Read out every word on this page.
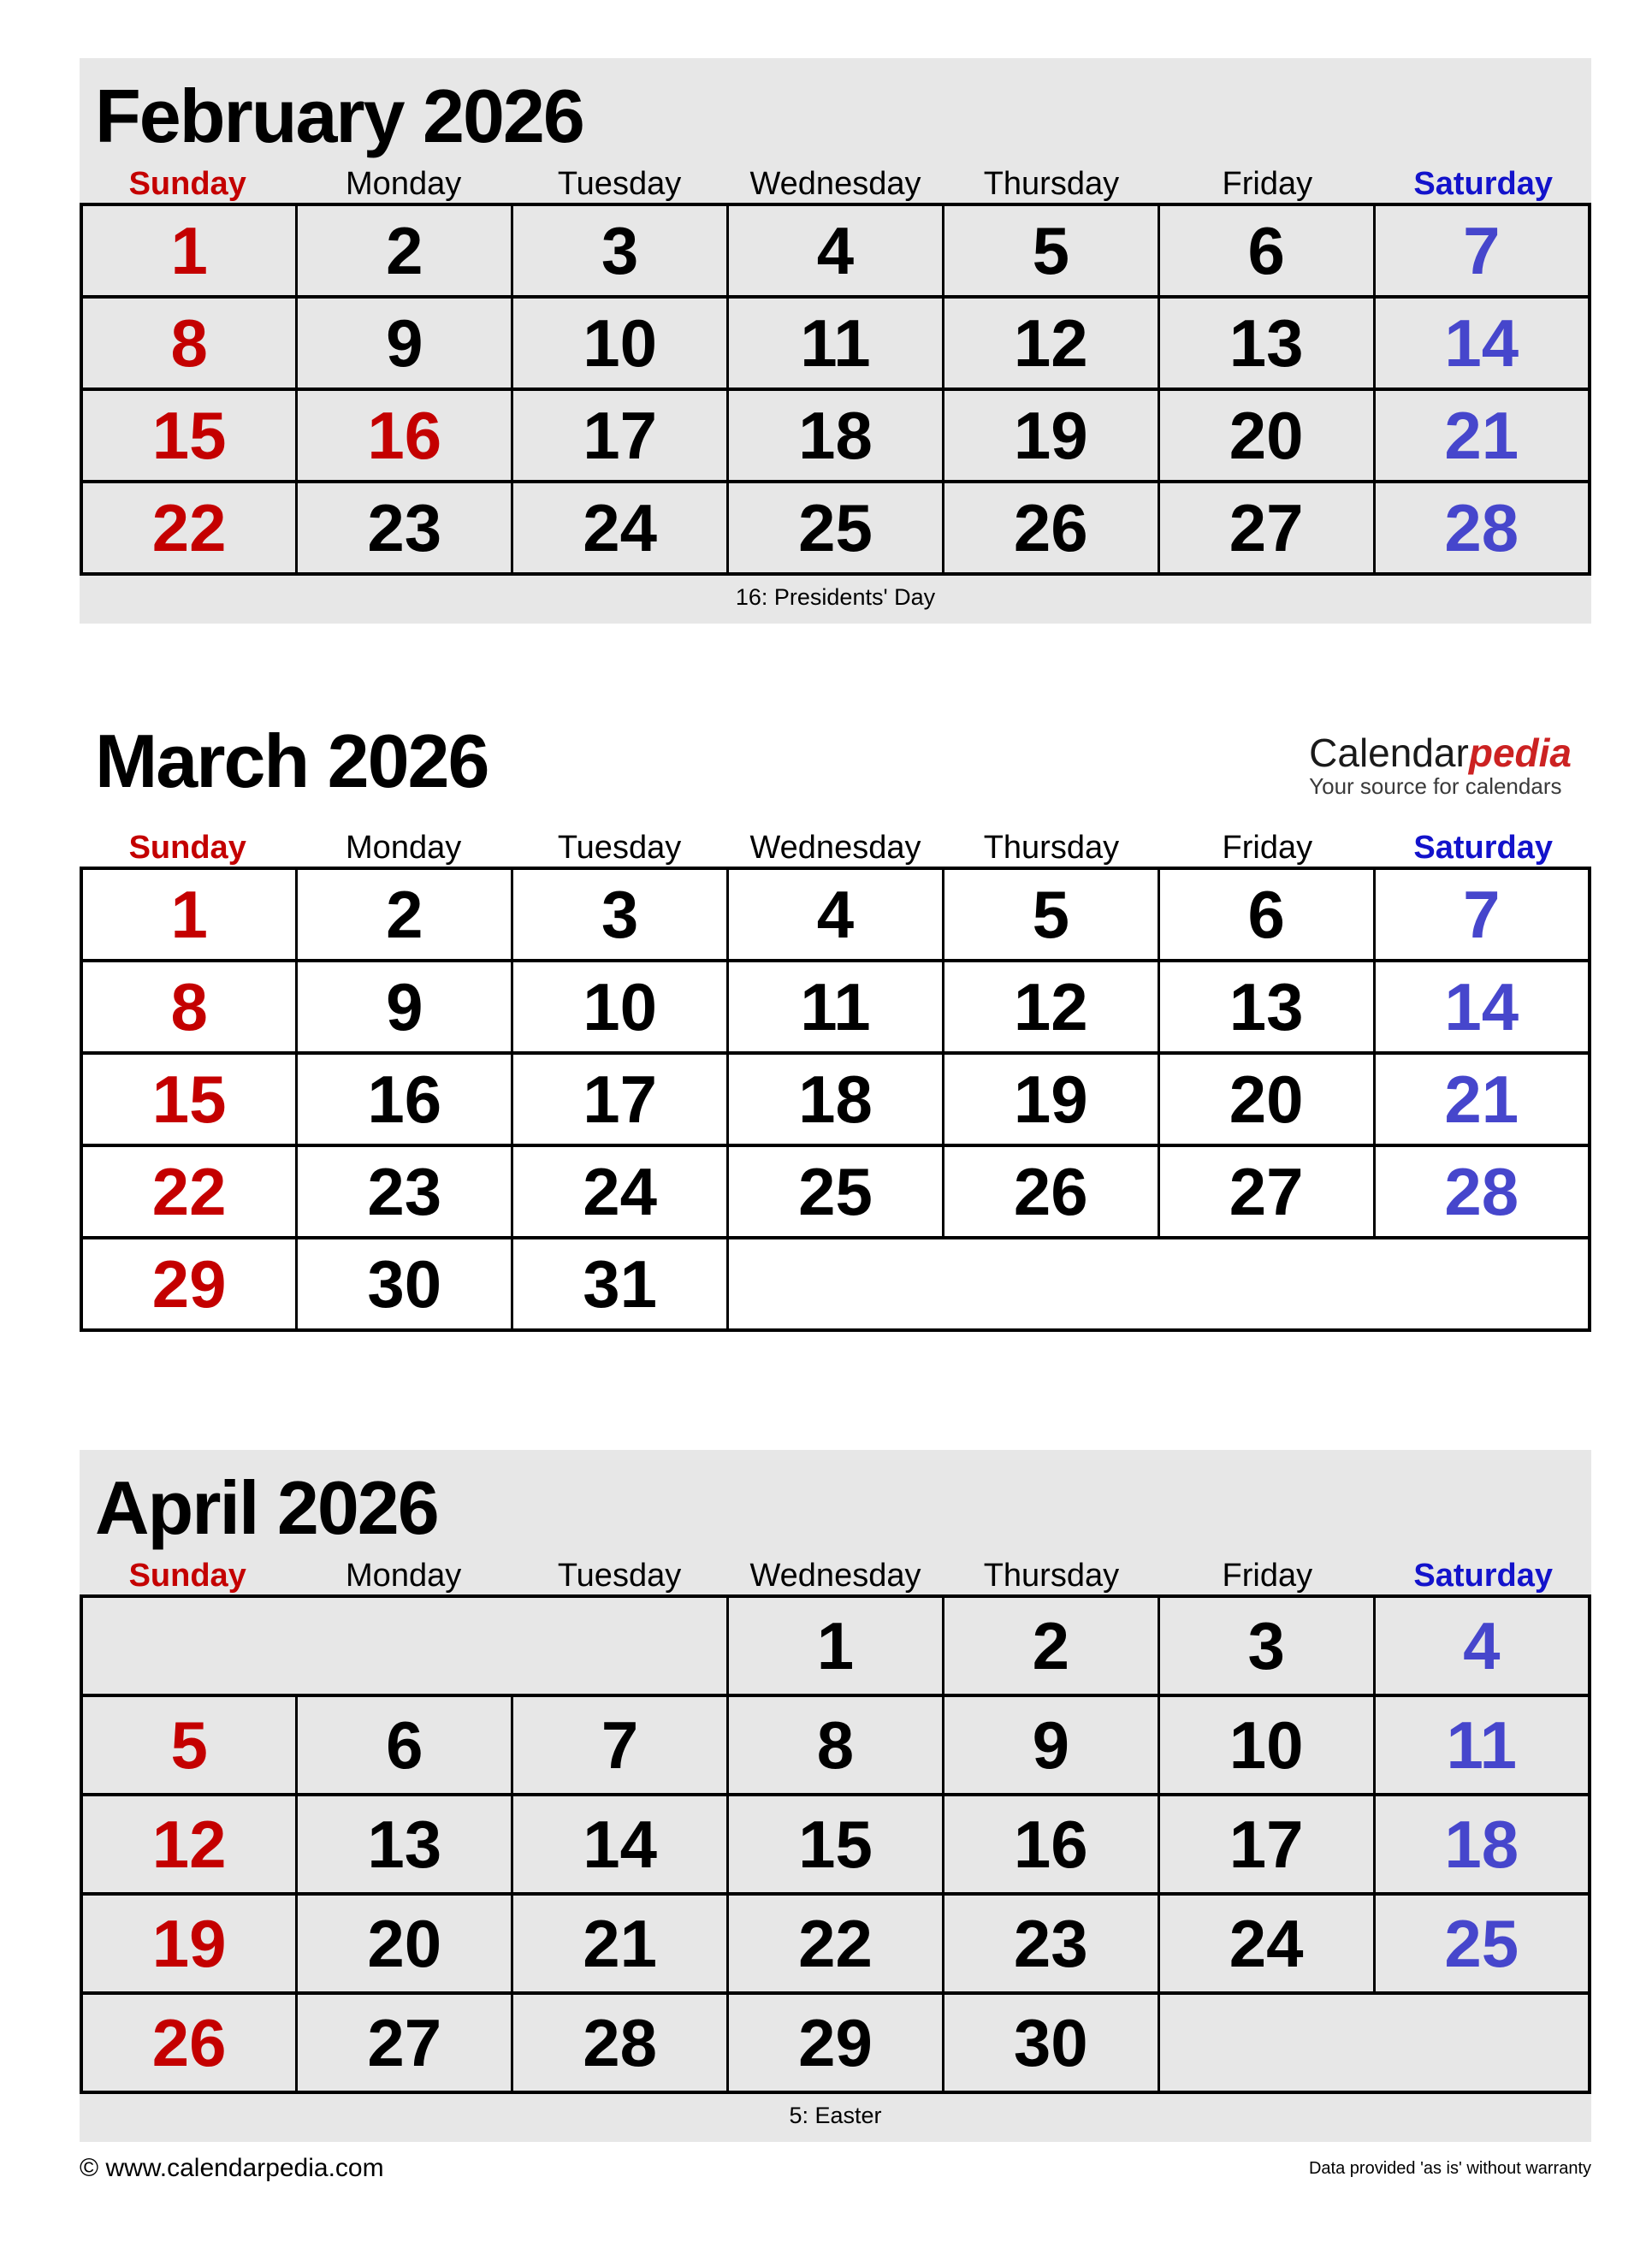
February 2026
Sunday	Monday	Tuesday	Wednesday	Thursday	Friday	Saturday
1	2	3	4	5	6	7
8	9	10	11	12	13	14
15	16	17	18	19	20	21
22	23	24	25	26	27	28
16: Presidents' Day
March 2026	Calendarpedia
Your source for calendars
Sunday	Monday	Tuesday	Wednesday	Thursday	Friday	Saturday
1	2	3	4	5	6	7
8	9	10	11	12	13	14
15	16	17	18	19	20	21
22	23	24	25	26	27	28
29	30	31				
April 2026
Sunday	Monday	Tuesday	Wednesday	Thursday	Friday	Saturday
			1	2	3	4
5	6	7	8	9	10	11
12	13	14	15	16	17	18
19	20	21	22	23	24	25
26	27	28	29	30		
5: Easter
© www.calendarpedia.com	Data provided 'as is' without warranty
